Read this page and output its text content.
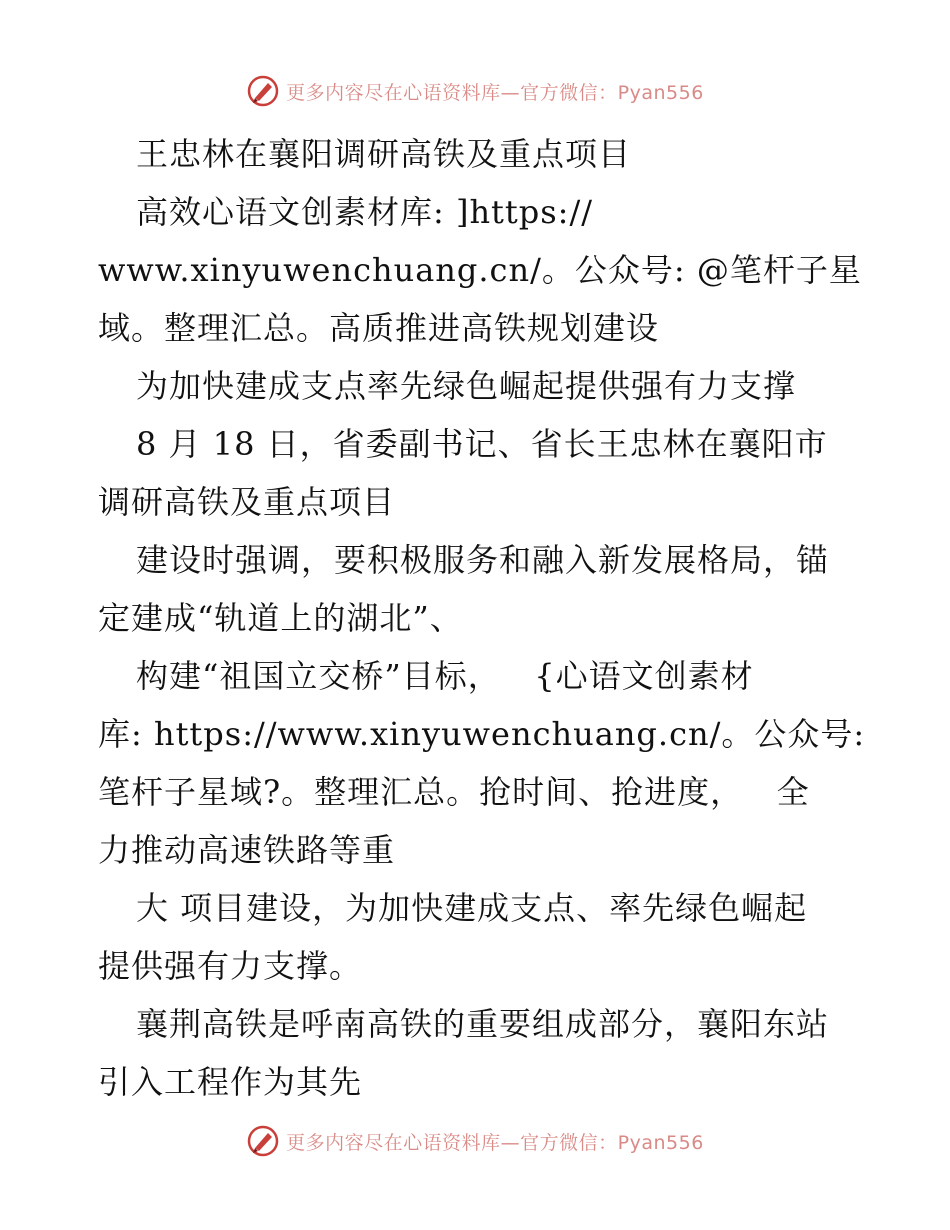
更多内容尽在心语资料库—官方微信：Pyan556
王忠林在襄阳调研高铁及重点项目
高效心语文创素材库: ]https://
www.xinyuwenchuang.cn/。公众号: @笔杆子星
域。整理汇总。高质推进高铁规划建设
为加快建成支点率先绿色崛起提供强有力支撑
8 月 18 日，省委副书记、省长王忠林在襄阳市
调研高铁及重点项目
建设时强调，要积极服务和融入新发展格局，锚
定建成“轨道上的湖北”、
构建“祖国立交桥”目标，   {心语文创素材
库: https://www.xinyuwenchuang.cn/。公众号:
笔杆子星域?。整理汇总。抢时间、抢进度，   全
力推动高速铁路等重
大 项目建设，为加快建成支点、率先绿色崛起
提供强有力支撑。
襄荆高铁是呼南高铁的重要组成部分，襄阳东站
引入工程作为其先
更多内容尽在心语资料库—官方微信：Pyan556
